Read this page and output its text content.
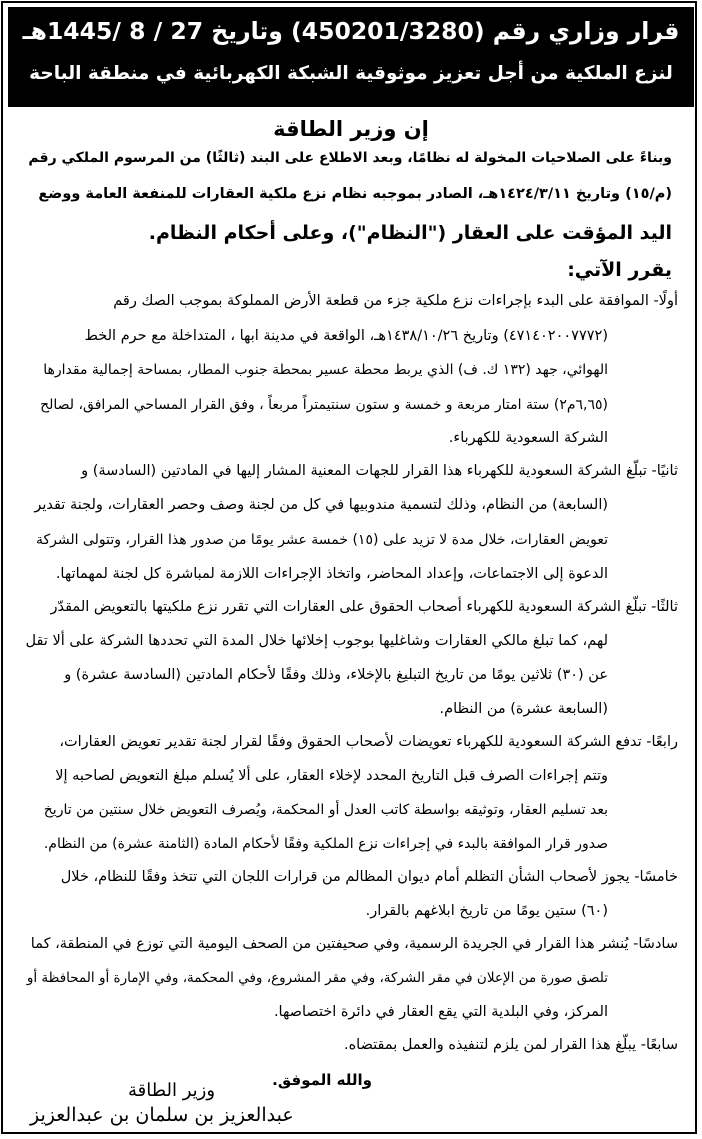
قرار وزاري رقم (450201/3280) وتاريخ 27 / 8 /1445هـ
لنزع الملكية من أجل تعزيز موثوقية الشبكة الكهربائية في منطقة الباحة
إن وزير الطاقة
وبناءً على الصلاحيات المخولة له نظامًا، وبعد الاطلاع على البند (ثالثًا) من المرسوم الملكي رقم
(م/١٥) وتاريخ ١٤٢٤/٣/١١هـ، الصادر بموجبه نظام نزع ملكية العقارات للمنفعة العامة ووضع
اليد المؤقت على العقار ("النظام")، وعلى أحكام النظام.
يقرر الآتي:
أولًا- الموافقة على البدء بإجراءات نزع ملكية جزء من قطعة الأرض المملوكة بموجب الصك رقم
(٤٧١٤٠٢٠٠٧٧٧٢) وتاريخ ١٤٣٨/١٠/٢٦هـ، الواقعة في مدينة ابها ، المتداخلة مع حرم الخط
الهوائي، جهد (١٣٢ ك. ف) الذي يربط محطة عسير بمحطة جنوب المطار، بمساحة إجمالية مقدارها
(٦,٦٥م٢) ستة امتار مربعة و خمسة و ستون سنتيمتراً مربعاً ، وفق القرار المساحي المرافق، لصالح
الشركة السعودية للكهرباء.
ثانيًا- تبلّغ الشركة السعودية للكهرباء هذا القرار للجهات المعنية المشار إليها في المادتين (السادسة) و
(السابعة) من النظام، وذلك لتسمية مندوبيها في كل من لجنة وصف وحصر العقارات، ولجنة تقدير
تعويض العقارات، خلال مدة لا تزيد على (١٥) خمسة عشر يومًا من صدور هذا القرار، وتتولى الشركة
الدعوة إلى الاجتماعات، وإعداد المحاضر، واتخاذ الإجراءات اللازمة لمباشرة كل لجنة لمهماتها.
ثالثًا- تبلّغ الشركة السعودية للكهرباء أصحاب الحقوق على العقارات التي تقرر نزع ملكيتها بالتعويض المقدّر
لهم، كما تبلغ مالكي العقارات وشاغليها بوجوب إخلائها خلال المدة التي تحددها الشركة على ألا تقل
عن (٣٠) ثلاثين يومًا من تاريخ التبليغ بالإخلاء، وذلك وفقًا لأحكام المادتين (السادسة عشرة) و
(السابعة عشرة) من النظام.
رابعًا- تدفع الشركة السعودية للكهرباء تعويضات لأصحاب الحقوق وفقًا لقرار لجنة تقدير تعويض العقارات،
وتتم إجراءات الصرف قبل التاريخ المحدد لإخلاء العقار، على ألا يُسلم مبلغ التعويض لصاحبه إلا
بعد تسليم العقار، وتوثيقه بواسطة كاتب العدل أو المحكمة، ويُصرف التعويض خلال سنتين من تاريخ
صدور قرار الموافقة بالبدء في إجراءات نزع الملكية وفقًا لأحكام المادة (الثامنة عشرة) من النظام.
خامسًا- يجوز لأصحاب الشأن التظلم أمام ديوان المظالم من قرارات اللجان التي تتخذ وفقًا للنظام، خلال
(٦٠) ستين يومًا من تاريخ ابلاغهم بالقرار.
سادسًا- يُنشر هذا القرار في الجريدة الرسمية، وفي صحيفتين من الصحف اليومية التي توزع في المنطقة، كما
تلصق صورة من الإعلان في مقر الشركة، وفي مقر المشروع، وفي المحكمة، وفي الإمارة أو المحافظة أو
المركز، وفي البلدية التي يقع العقار في دائرة اختصاصها.
سابعًا- يبلّغ هذا القرار لمن يلزم لتنفيذه والعمل بمقتضاه.
والله الموفق.
وزير الطاقة
عبدالعزيز بن سلمان بن عبدالعزيز
